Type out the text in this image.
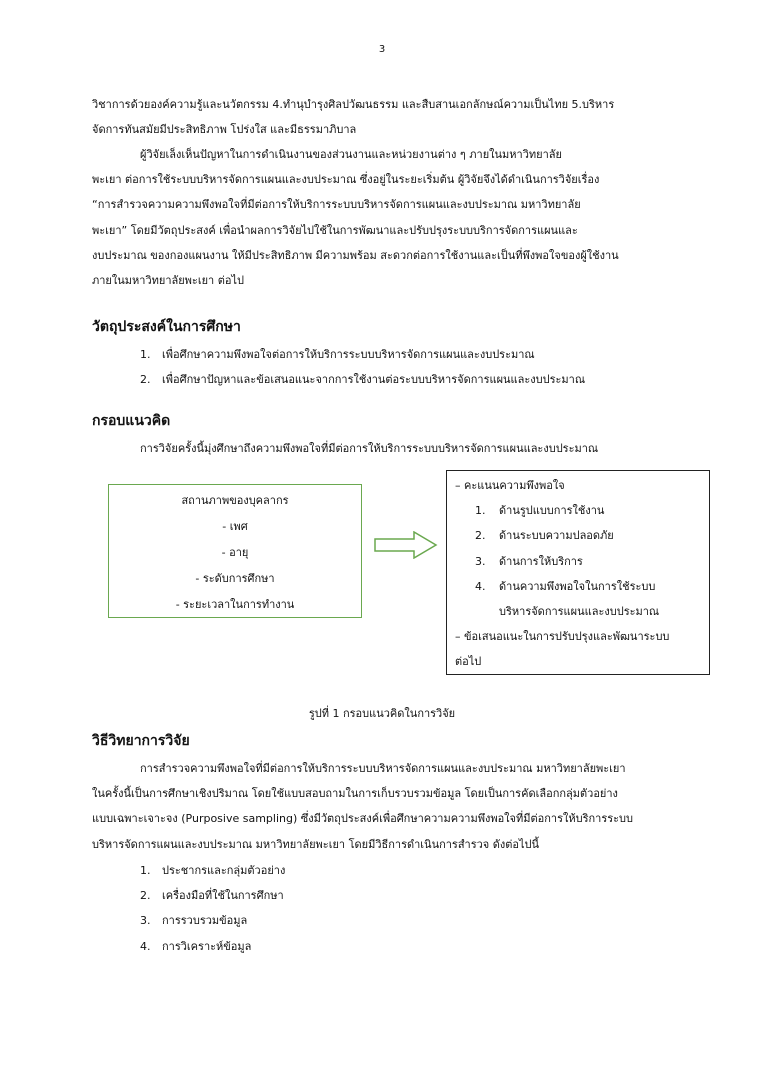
3
วิชาการด้วยองค์ความรู้และนวัตกรรม 4.ทำนุบำรุงศิลปวัฒนธรรม และสืบสานเอกลักษณ์ความเป็นไทย 5.บริหาร
จัดการทันสมัยมีประสิทธิภาพ โปร่งใส และมีธรรมาภิบาล
ผู้วิจัยเล็งเห็นปัญหาในการดำเนินงานของส่วนงานและหน่วยงานต่าง ๆ ภายในมหาวิทยาลัย
พะเยา ต่อการใช้ระบบบริหารจัดการแผนและงบประมาณ ซึ่งอยู่ในระยะเริ่มต้น ผู้วิจัยจึงได้ดำเนินการวิจัยเรื่อง
“การสำรวจความความพึงพอใจที่มีต่อการให้บริการระบบบริหารจัดการแผนและงบประมาณ มหาวิทยาลัย
พะเยา” โดยมีวัตถุประสงค์ เพื่อนำผลการวิจัยไปใช้ในการพัฒนาและปรับปรุงระบบบริการจัดการแผนและ
งบประมาณ ของกองแผนงาน ให้มีประสิทธิภาพ มีความพร้อม สะดวกต่อการใช้งานและเป็นที่พึงพอใจของผู้ใช้งาน
ภายในมหาวิทยาลัยพะเยา ต่อไป
วัตถุประสงค์ในการศึกษา
1. เพื่อศึกษาความพึงพอใจต่อการให้บริการระบบบริหารจัดการแผนและงบประมาณ
2. เพื่อศึกษาปัญหาและข้อเสนอแนะจากการใช้งานต่อระบบบริหารจัดการแผนและงบประมาณ
กรอบแนวคิด
การวิจัยครั้งนี้มุ่งศึกษาถึงความพึงพอใจที่มีต่อการให้บริการระบบบริหารจัดการแผนและงบประมาณ
สถานภาพของบุคลากร
- เพศ
- อายุ
- ระดับการศึกษา
- ระยะเวลาในการทำงาน
– คะแนนความพึงพอใจ
1. ด้านรูปแบบการใช้งาน
2. ด้านระบบความปลอดภัย
3. ด้านการให้บริการ
4. ด้านความพึงพอใจในการใช้ระบบ
บริหารจัดการแผนและงบประมาณ
– ข้อเสนอแนะในการปรับปรุงและพัฒนาระบบ
ต่อไป
รูปที่ 1 กรอบแนวคิดในการวิจัย
วิธีวิทยาการวิจัย
การสำรวจความพึงพอใจที่มีต่อการให้บริการระบบบริหารจัดการแผนและงบประมาณ มหาวิทยาลัยพะเยา
ในครั้งนี้เป็นการศึกษาเชิงปริมาณ โดยใช้แบบสอบถามในการเก็บรวบรวมข้อมูล โดยเป็นการคัดเลือกกลุ่มตัวอย่าง
แบบเฉพาะเจาะจง (Purposive sampling) ซึ่งมีวัตถุประสงค์เพื่อศึกษาความความพึงพอใจที่มีต่อการให้บริการระบบ
บริหารจัดการแผนและงบประมาณ มหาวิทยาลัยพะเยา โดยมีวิธีการดำเนินการสำรวจ ดังต่อไปนี้
1. ประชากรและกลุ่มตัวอย่าง
2. เครื่องมือที่ใช้ในการศึกษา
3. การรวบรวมข้อมูล
4. การวิเคราะห์ข้อมูล
